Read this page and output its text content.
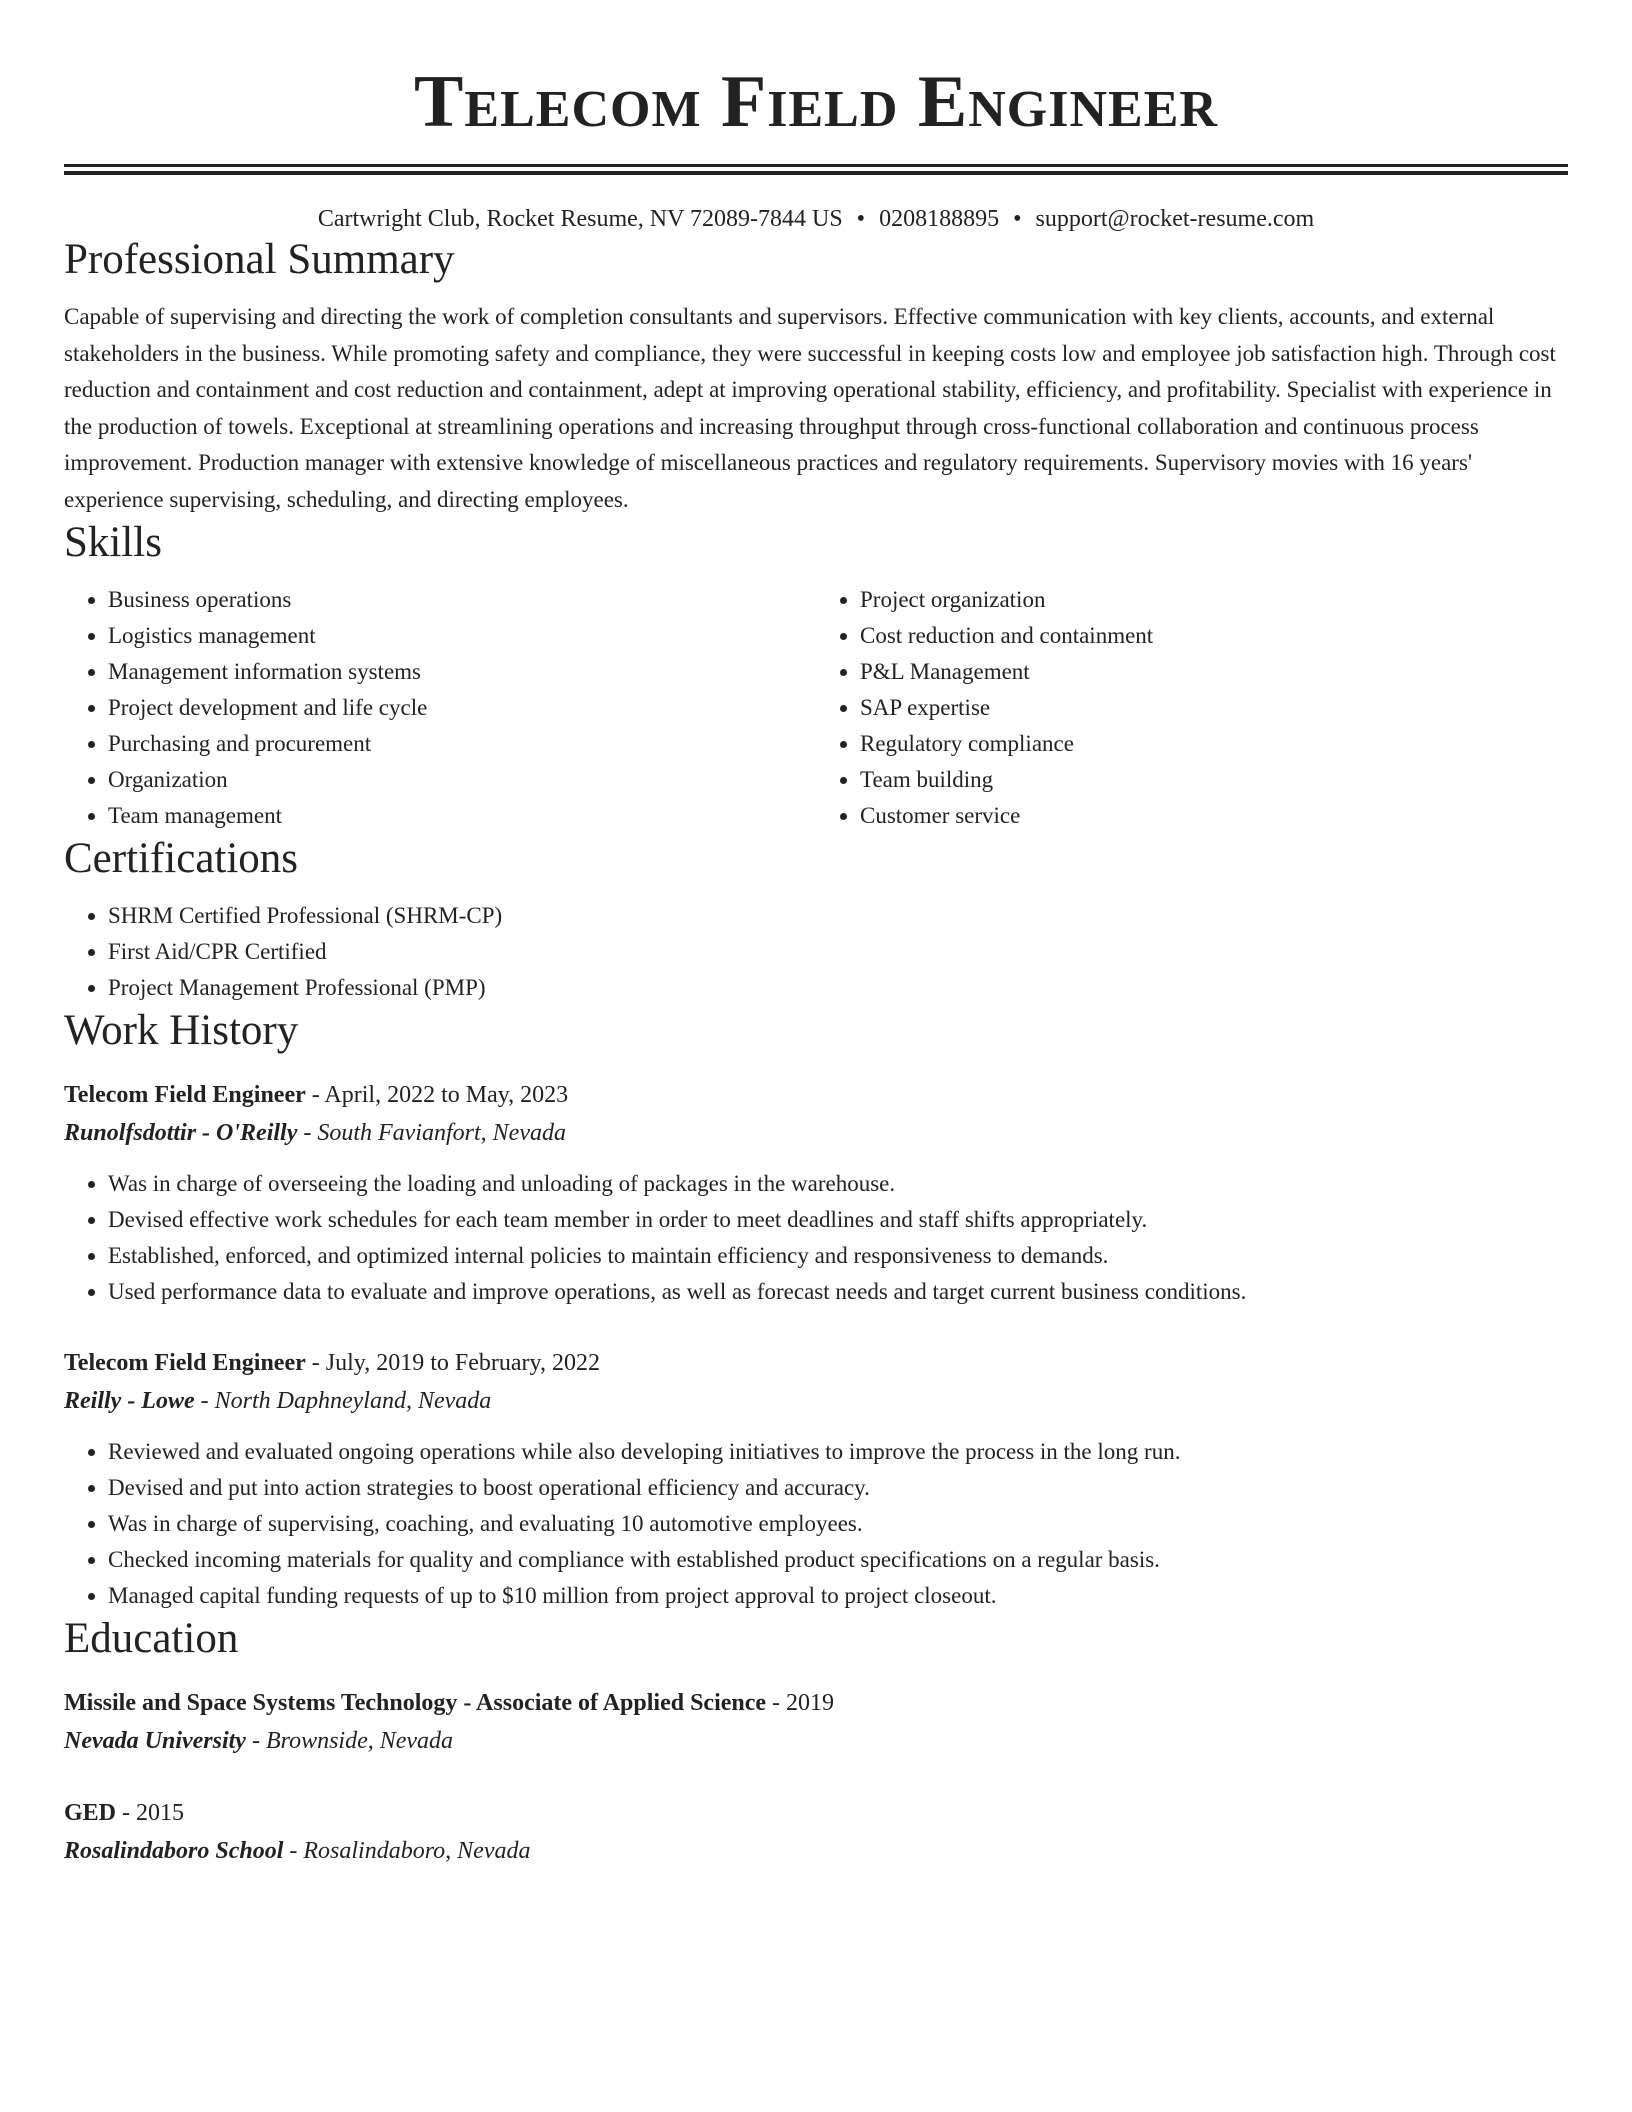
Telecom Field Engineer
Cartwright Club, Rocket Resume, NV 72089-7844 US • 0208188895 • support@rocket-resume.com
Professional Summary

Capable of supervising and directing the work of completion consultants and supervisors. Effective communication with key clients, accounts, and external stakeholders in the business. While promoting safety and compliance, they were successful in keeping costs low and employee job satisfaction high. Through cost reduction and containment and cost reduction and containment, adept at improving operational stability, efficiency, and profitability. Specialist with experience in the production of towels. Exceptional at streamlining operations and increasing throughput through cross-functional collaboration and continuous process improvement. Production manager with extensive knowledge of miscellaneous practices and regulatory requirements. Supervisory movies with 16 years' experience supervising, scheduling, and directing employees.

Skills
• Business operations
• Logistics management
• Management information systems
• Project development and life cycle
• Purchasing and procurement
• Organization
• Team management
• Project organization
• Cost reduction and containment
• P&L Management
• SAP expertise
• Regulatory compliance
• Team building
• Customer service
Certifications
• SHRM Certified Professional (SHRM-CP)
• First Aid/CPR Certified
• Project Management Professional (PMP)
Work History
Telecom Field Engineer - April, 2022 to May, 2023
Runolfsdottir - O'Reilly - South Favianfort, Nevada
• Was in charge of overseeing the loading and unloading of packages in the warehouse.
• Devised effective work schedules for each team member in order to meet deadlines and staff shifts appropriately.
• Established, enforced, and optimized internal policies to maintain efficiency and responsiveness to demands.
• Used performance data to evaluate and improve operations, as well as forecast needs and target current business conditions.
Telecom Field Engineer - July, 2019 to February, 2022
Reilly - Lowe - North Daphneyland, Nevada
• Reviewed and evaluated ongoing operations while also developing initiatives to improve the process in the long run.
• Devised and put into action strategies to boost operational efficiency and accuracy.
• Was in charge of supervising, coaching, and evaluating 10 automotive employees.
• Checked incoming materials for quality and compliance with established product specifications on a regular basis.
• Managed capital funding requests of up to $10 million from project approval to project closeout.
Education
Missile and Space Systems Technology - Associate of Applied Science - 2019
Nevada University - Brownside, Nevada
GED - 2015
Rosalindaboro School - Rosalindaboro, Nevada
